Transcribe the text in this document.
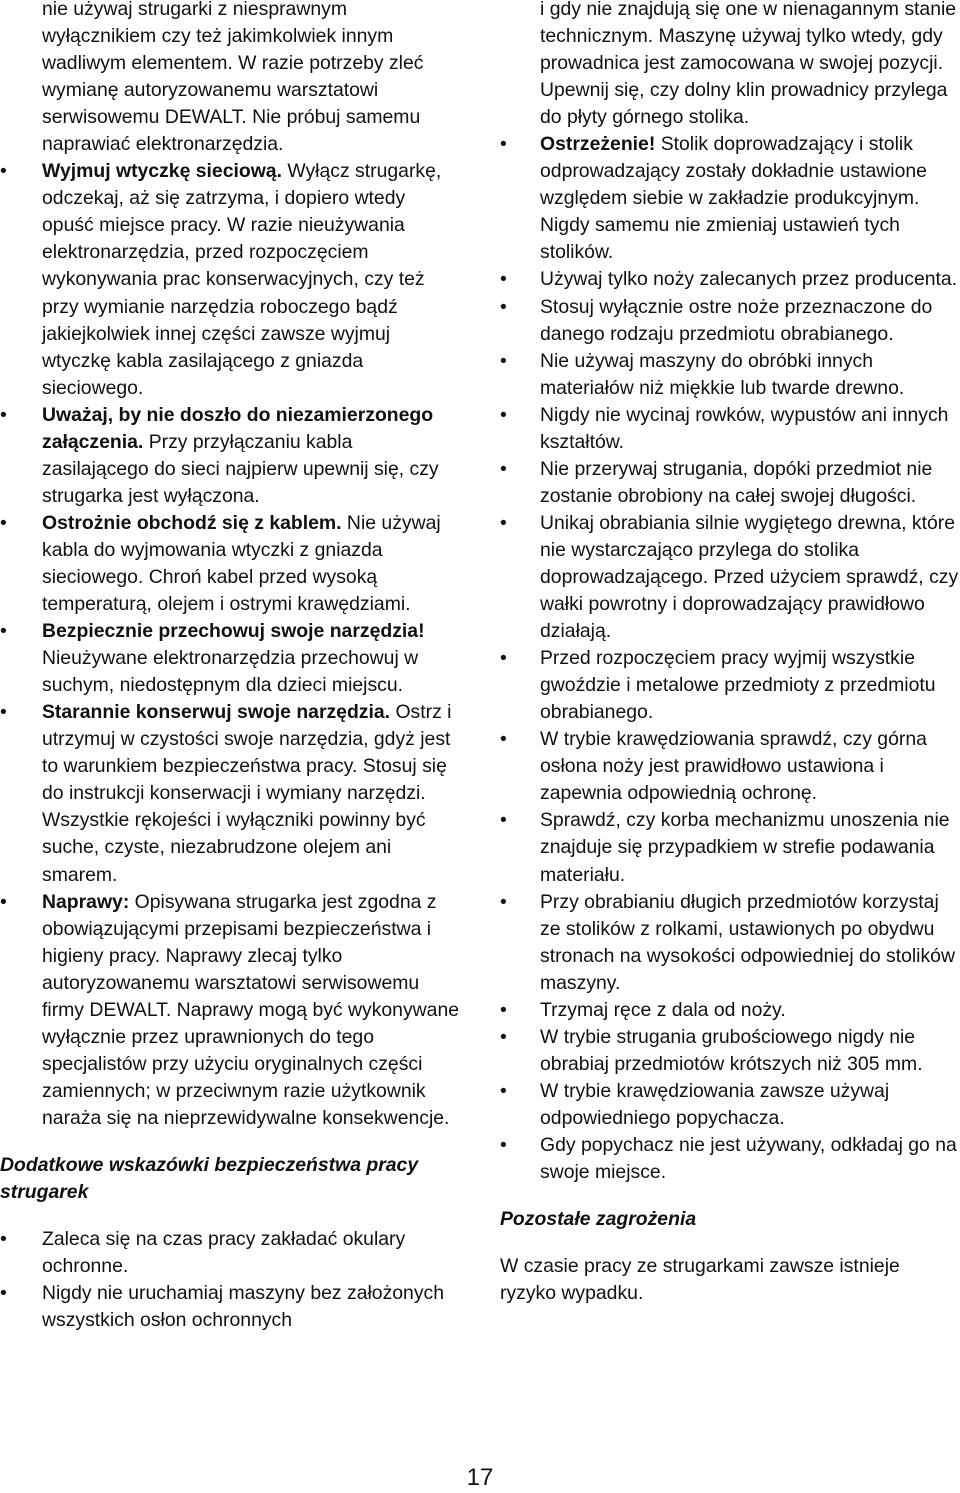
nie używaj strugarki z niesprawnym wyłącznikiem czy też jakimkolwiek innym wadliwym elementem. W razie potrzeby zleć wymianę autoryzowanemu warsztatowi serwisowemu DEWALT. Nie próbuj samemu naprawiać elektronarzędzia.

• Wyjmuj wtyczkę sieciową. Wyłącz strugarkę, odczekaj, aż się zatrzyma, i dopiero wtedy opuść miejsce pracy. W razie nieużywania elektronarzędzia, przed rozpoczęciem wykonywania prac konserwacyjnych, czy też przy wymianie narzędzia roboczego bądź jakiejkolwiek innej części zawsze wyjmuj wtyczkę kabla zasilającego z gniazda sieciowego.
• Uważaj, by nie doszło do niezamierzonego załączenia. Przy przyłączaniu kabla zasilającego do sieci najpierw upewnij się, czy strugarka jest wyłączona.
• Ostrożnie obchodź się z kablem. Nie używaj kabla do wyjmowania wtyczki z gniazda sieciowego. Chroń kabel przed wysoką temperaturą, olejem i ostrymi krawędziami.
• Bezpiecznie przechowuj swoje narzędzia! Nieużywane elektronarzędzia przechowuj w suchym, niedostępnym dla dzieci miejscu.
• Starannie konserwuj swoje narzędzia. Ostrz i utrzymuj w czystości swoje narzędzia, gdyż jest to warunkiem bezpieczeństwa pracy. Stosuj się do instrukcji konserwacji i wymiany narzędzi. Wszystkie rękojeści i wyłączniki powinny być suche, czyste, niezabrudzone olejem ani smarem.
• Naprawy: Opisywana strugarka jest zgodna z obowiązującymi przepisami bezpieczeństwa i higieny pracy. Naprawy zlecaj tylko autoryzowanemu warsztatowi serwisowemu firmy DEWALT. Naprawy mogą być wykonywane wyłącznie przez uprawnionych do tego specjalistów przy użyciu oryginalnych części zamiennych; w przeciwnym razie użytkownik naraża się na nieprzewidywalne konsekwencje.
Dodatkowe wskazówki bezpieczeństwa pracy strugarek
• Zaleca się na czas pracy zakładać okulary ochronne.
• Nigdy nie uruchamiaj maszyny bez założonych wszystkich osłon ochronnych

i gdy nie znajdują się one w nienagannym stanie technicznym. Maszynę używaj tylko wtedy, gdy prowadnica jest zamocowana w swojej pozycji. Upewnij się, czy dolny klin prowadnicy przylega do płyty górnego stolika.

• Ostrzeżenie! Stolik doprowadzający i stolik odprowadzający zostały dokładnie ustawione względem siebie w zakładzie produkcyjnym. Nigdy samemu nie zmieniaj ustawień tych stolików.
• Używaj tylko noży zalecanych przez producenta.
• Stosuj wyłącznie ostre noże przeznaczone do danego rodzaju przedmiotu obrabianego.
• Nie używaj maszyny do obróbki innych materiałów niż miękkie lub twarde drewno.
• Nigdy nie wycinaj rowków, wypustów ani innych kształtów.
• Nie przerywaj strugania, dopóki przedmiot nie zostanie obrobiony na całej swojej długości.
• Unikaj obrabiania silnie wygiętego drewna, które nie wystarczająco przylega do stolika doprowadzającego. Przed użyciem sprawdź, czy wałki powrotny i doprowadzający prawidłowo działają.
• Przed rozpoczęciem pracy wyjmij wszystkie gwoździe i metalowe przedmioty z przedmiotu obrabianego.
• W trybie krawędziowania sprawdź, czy górna osłona noży jest prawidłowo ustawiona i zapewnia odpowiednią ochronę.
• Sprawdź, czy korba mechanizmu unoszenia nie znajduje się przypadkiem w strefie podawania materiału.
• Przy obrabianiu długich przedmiotów korzystaj ze stolików z rolkami, ustawionych po obydwu stronach na wysokości odpowiedniej do stolików maszyny.
• Trzymaj ręce z dala od noży.
• W trybie strugania grubościowego nigdy nie obrabiaj przedmiotów krótszych niż 305 mm.
• W trybie krawędziowania zawsze używaj odpowiedniego popychacza.
• Gdy popychacz nie jest używany, odkładaj go na swoje miejsce.
Pozostałe zagrożenia

W czasie pracy ze strugarkami zawsze istnieje ryzyko wypadku.

17
